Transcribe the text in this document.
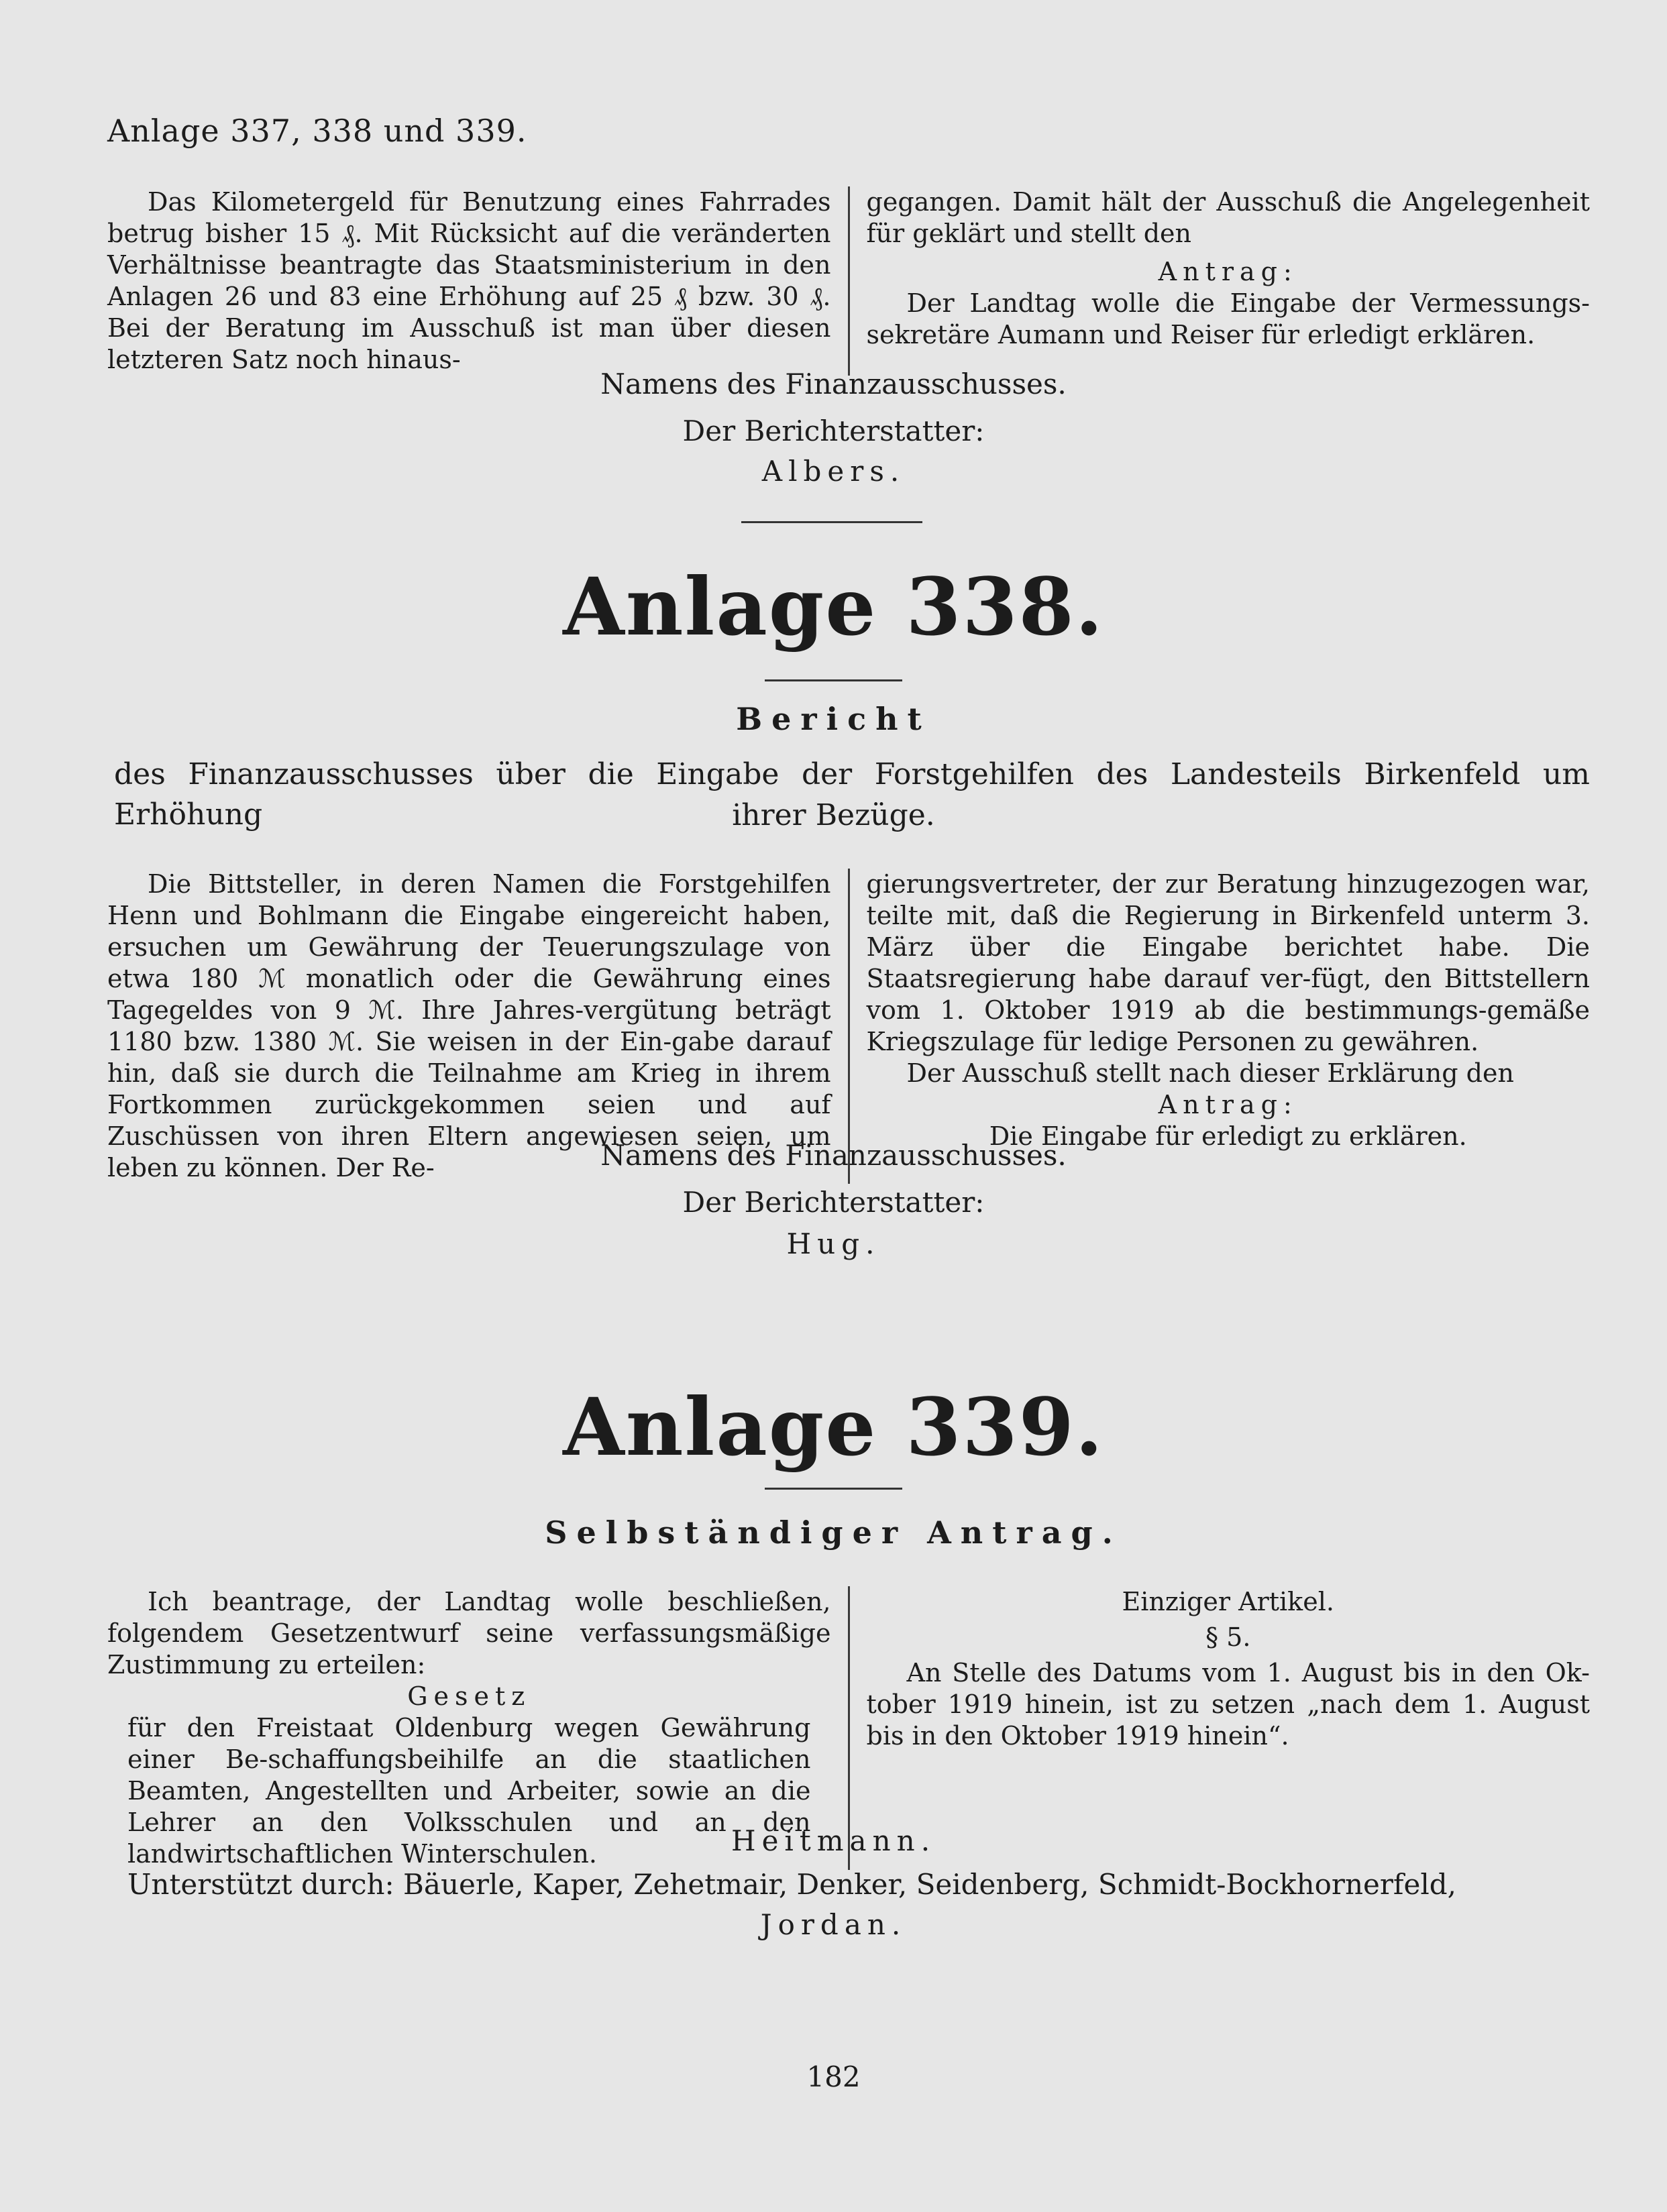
Anlage 337, 338 und 339.

Das Kilometergeld für Benutzung eines Fahrrades betrug bisher 15 ₰. Mit Rücksicht auf die veränderten Verhältnisse beantragte das Staatsministerium in den Anlagen 26 und 83 eine Erhöhung auf 25 ₰ bzw. 30 ₰. Bei der Beratung im Ausschuß ist man über diesen letzteren Satz noch hinaus-

gegangen. Damit hält der Ausschuß die Angelegenheit für geklärt und stellt den

Antrag:

Der Landtag wolle die Eingabe der Vermessungs-sekretäre Aumann und Reiser für erledigt erklären.

Namens des Finanzausschusses.
Der Berichterstatter:
Albers.
Anlage 338.
Bericht
des Finanzausschusses über die Eingabe der Forstgehilfen des Landesteils Birkenfeld um Erhöhung	ihrer Bezüge.

Die Bittsteller, in deren Namen die Forstgehilfen Henn und Bohlmann die Eingabe eingereicht haben, ersuchen um Gewährung der Teuerungszulage von etwa 180 ℳ monatlich oder die Gewährung eines Tagegeldes von 9 ℳ. Ihre Jahres-vergütung beträgt 1180 bzw. 1380 ℳ. Sie weisen in der Ein-gabe darauf hin, daß sie durch die Teilnahme am Krieg in ihrem Fortkommen zurückgekommen seien und auf Zuschüssen von ihren Eltern angewiesen seien, um leben zu können. Der Re-

gierungsvertreter, der zur Beratung hinzugezogen war, teilte mit, daß die Regierung in Birkenfeld unterm 3. März über die Eingabe berichtet habe. Die Staatsregierung habe darauf ver-fügt, den Bittstellern vom 1. Oktober 1919 ab die bestimmungs-gemäße Kriegszulage für ledige Personen zu gewähren.

Der Ausschuß stellt nach dieser Erklärung den

Antrag:

Die Eingabe für erledigt zu erklären.

Namens des Finanzausschusses.
Der Berichterstatter:
Hug.
Anlage 339.
Selbständiger Antrag.

Ich beantrage, der Landtag wolle beschließen, folgendem Gesetzentwurf seine verfassungsmäßige Zustimmung zu erteilen:

Gesetz

für den Freistaat Oldenburg wegen Gewährung einer Be-schaffungsbeihilfe an die staatlichen Beamten, Angestellten und Arbeiter, sowie an die Lehrer an den Volksschulen und an den landwirtschaftlichen Winterschulen.

Einziger Artikel.

§ 5.

An Stelle des Datums vom 1. August bis in den Ok-tober 1919 hinein, ist zu setzen „nach dem 1. August bis in den Oktober 1919 hinein“.

Heitmann.
Unterstützt durch: Bäuerle, Kaper, Zehetmair, Denker, Seidenberg, Schmidt-Bockhornerfeld,
Jordan.
182
